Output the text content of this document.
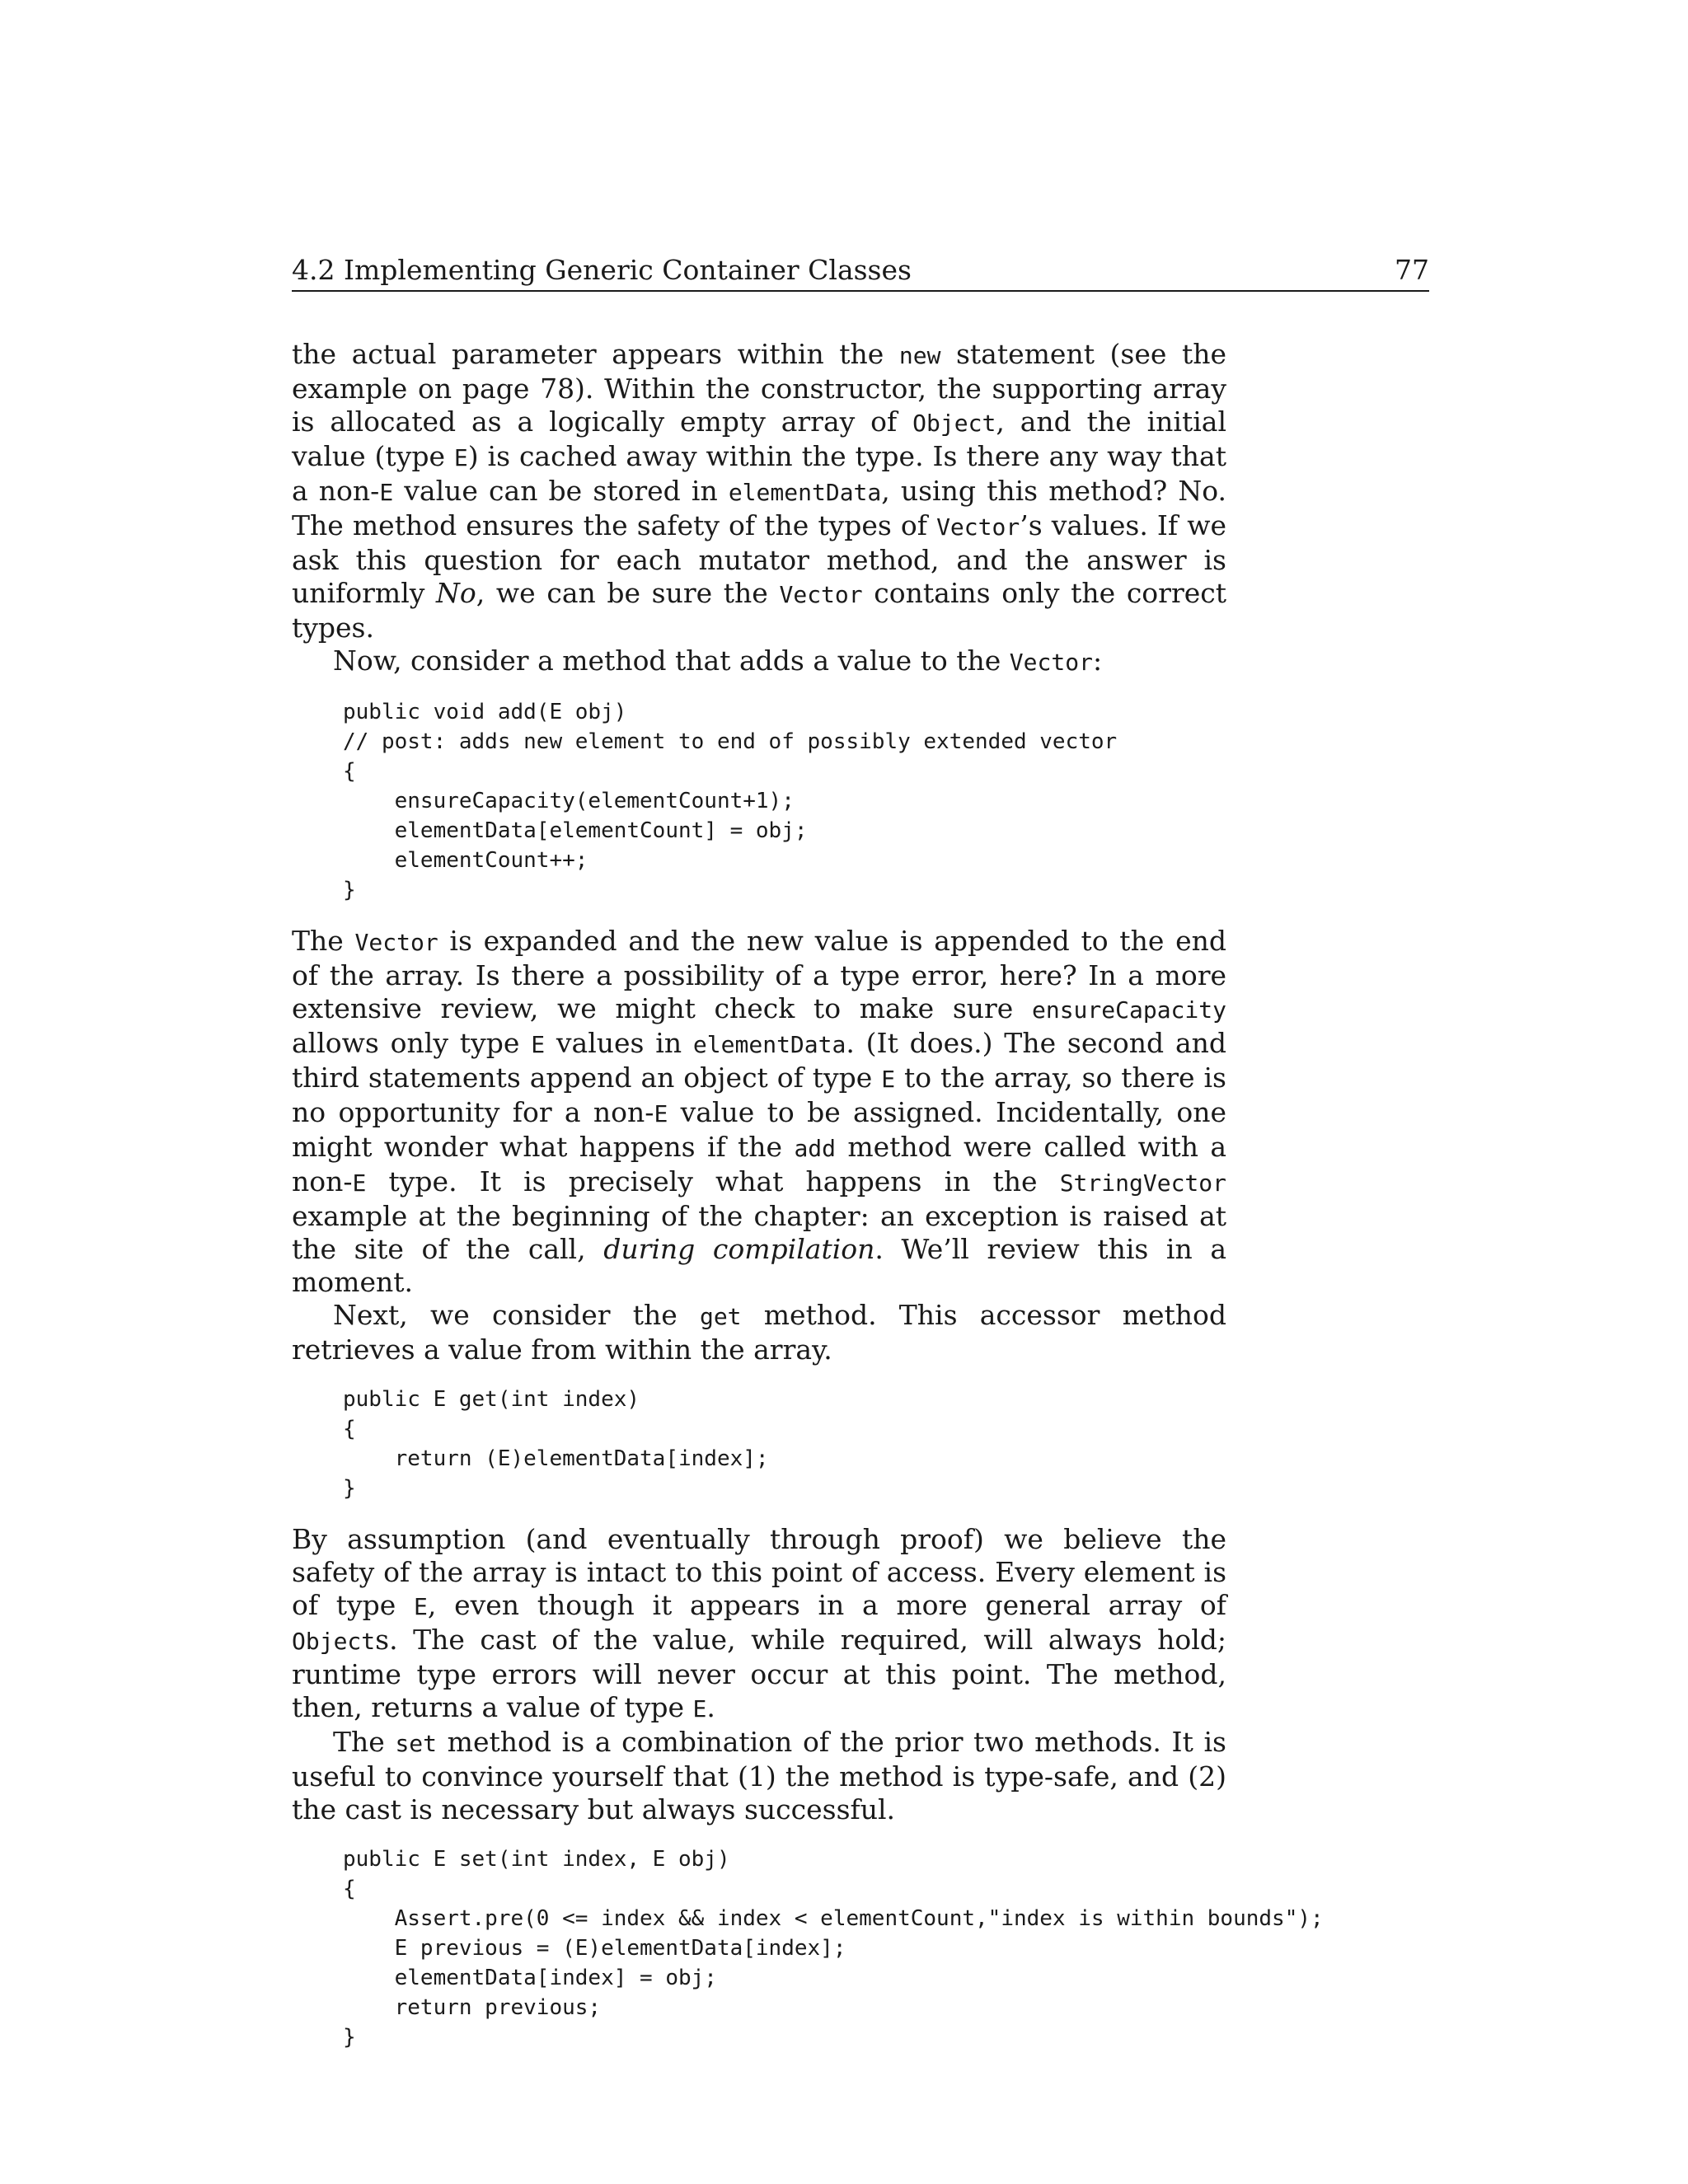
4.2 Implementing Generic Container Classes	77

the actual parameter appears within the new statement (see the example on page 78). Within the constructor, the supporting array is allocated as a logically empty array of Object, and the initial value (type E) is cached away within the type. Is there any way that a non-E value can be stored in elementData, using this method? No. The method ensures the safety of the types of Vector’s values. If we ask this question for each mutator method, and the answer is uniformly No, we can be sure the Vector contains only the correct types.

Now, consider a method that adds a value to the Vector:

public void add(E obj)
// post: adds new element to end of possibly extended vector
{
ensureCapacity(elementCount+1);
elementData[elementCount] = obj;
elementCount++;
}

The Vector is expanded and the new value is appended to the end of the array. Is there a possibility of a type error, here? In a more extensive review, we might check to make sure ensureCapacity allows only type E values in elementData. (It does.) The second and third statements append an object of type E to the array, so there is no opportunity for a non-E value to be assigned. Incidentally, one might wonder what happens if the add method were called with a non-E type. It is precisely what happens in the StringVector example at the beginning of the chapter: an exception is raised at the site of the call, during compilation. We’ll review this in a moment.

Next, we consider the get method. This accessor method retrieves a value from within the array.

public E get(int index)
{
return (E)elementData[index];
}

By assumption (and eventually through proof) we believe the safety of the array is intact to this point of access. Every element is of type E, even though it appears in a more general array of Objects. The cast of the value, while required, will always hold; runtime type errors will never occur at this point. The method, then, returns a value of type E.

The set method is a combination of the prior two methods. It is useful to convince yourself that (1) the method is type-safe, and (2) the cast is necessary but always successful.

public E set(int index, E obj)
{
Assert.pre(0 <= index && index < elementCount,"index is within bounds");
E previous = (E)elementData[index];
elementData[index] = obj;
return previous;
}
